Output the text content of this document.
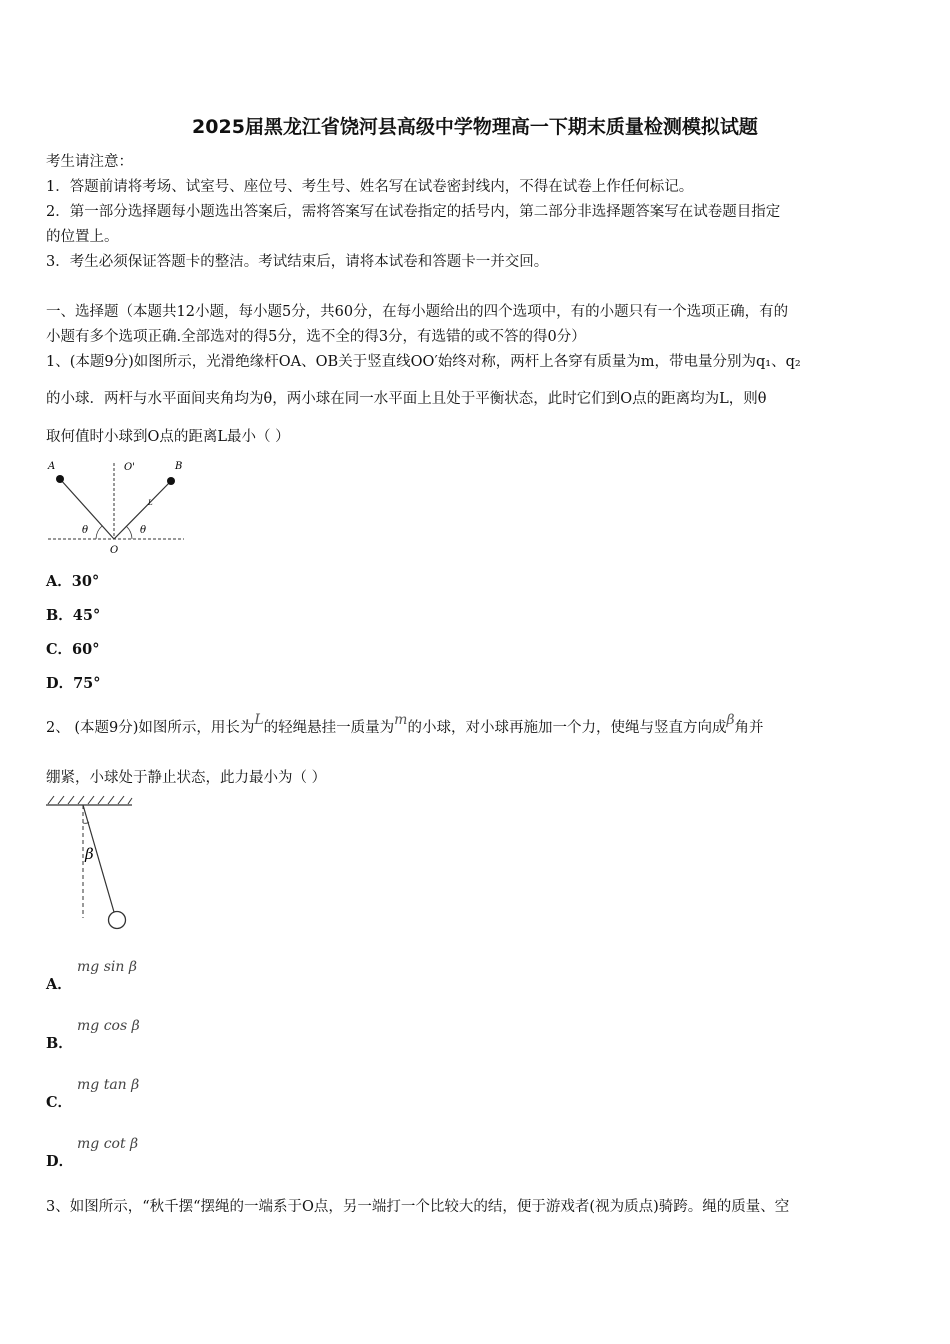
2025届黑龙江省饶河县高级中学物理高一下期末质量检测模拟试题
考生请注意：
1．答题前请将考场、试室号、座位号、考生号、姓名写在试卷密封线内，不得在试卷上作任何标记。
2．第一部分选择题每小题选出答案后，需将答案写在试卷指定的括号内，第二部分非选择题答案写在试卷题目指定
的位置上。
3．考生必须保证答题卡的整洁。考试结束后，请将本试卷和答题卡一并交回。
一、选择题（本题共12小题，每小题5分，共60分，在每小题给出的四个选项中，有的小题只有一个选项正确，有的
小题有多个选项正确.全部选对的得5分，选不全的得3分，有选错的或不答的得0分）
1、(本题9分)如图所示，光滑绝缘杆OA、OB关于竖直线OO′始终对称，两杆上各穿有质量为m，带电量分别为q₁、q₂
的小球．两杆与水平面间夹角均为θ，两小球在同一水平面上且处于平衡状态，此时它们到O点的距离均为L，则θ
取何值时小球到O点的距离L最小（ ）
A	O'	B
θ	θ
L
O
A．30°
B．45°
C．60°
D．75°
2、 (本题9分)如图所示，用长为L的轻绳悬挂一质量为m的小球，对小球再施加一个力，使绳与竖直方向成β角并
绷紧，小球处于静止状态，此力最小为（ ）
β
A．
mg sin β
B．
mg cos β
C．
mg tan β
D．
mg cot β
3、如图所示，“秋千摆“摆绳的一端系于O点，另一端打一个比较大的结，便于游戏者(视为质点)骑跨。绳的质量、空
